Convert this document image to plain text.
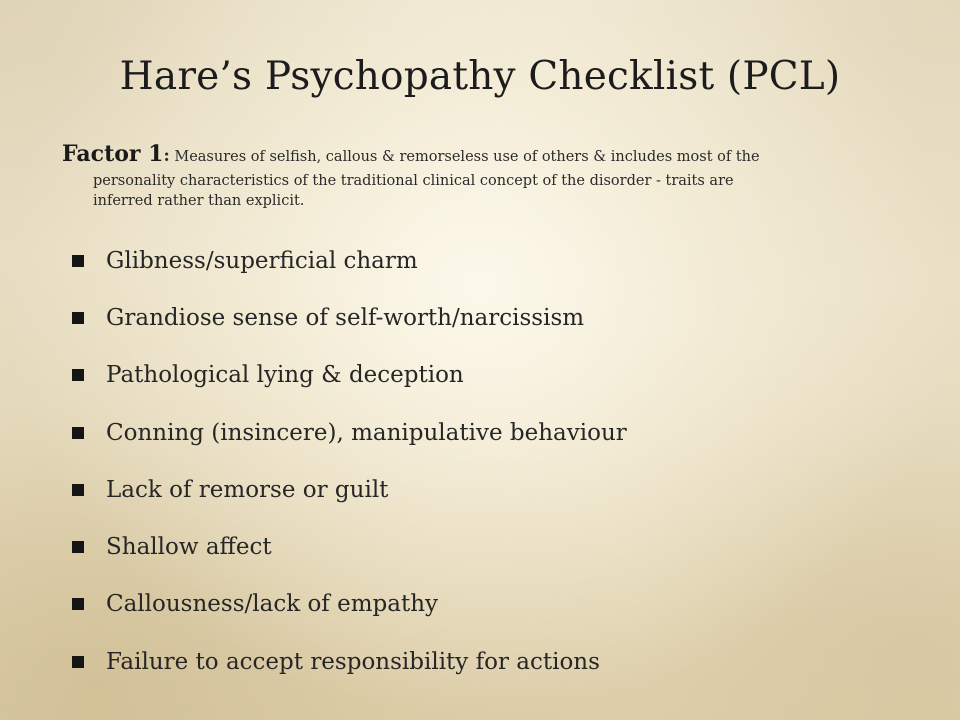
Hare’s Psychopathy Checklist (PCL)
Factor 1: Measures of selfish, callous & remorseless use of others & includes most of the
personality characteristics of the traditional clinical concept of the disorder - traits are
inferred rather than explicit.
Glibness/superficial charm
Grandiose sense of self-worth/narcissism
Pathological lying & deception
Conning (insincere), manipulative behaviour
Lack of remorse or guilt
Shallow affect
Callousness/lack of empathy
Failure to accept responsibility for actions
